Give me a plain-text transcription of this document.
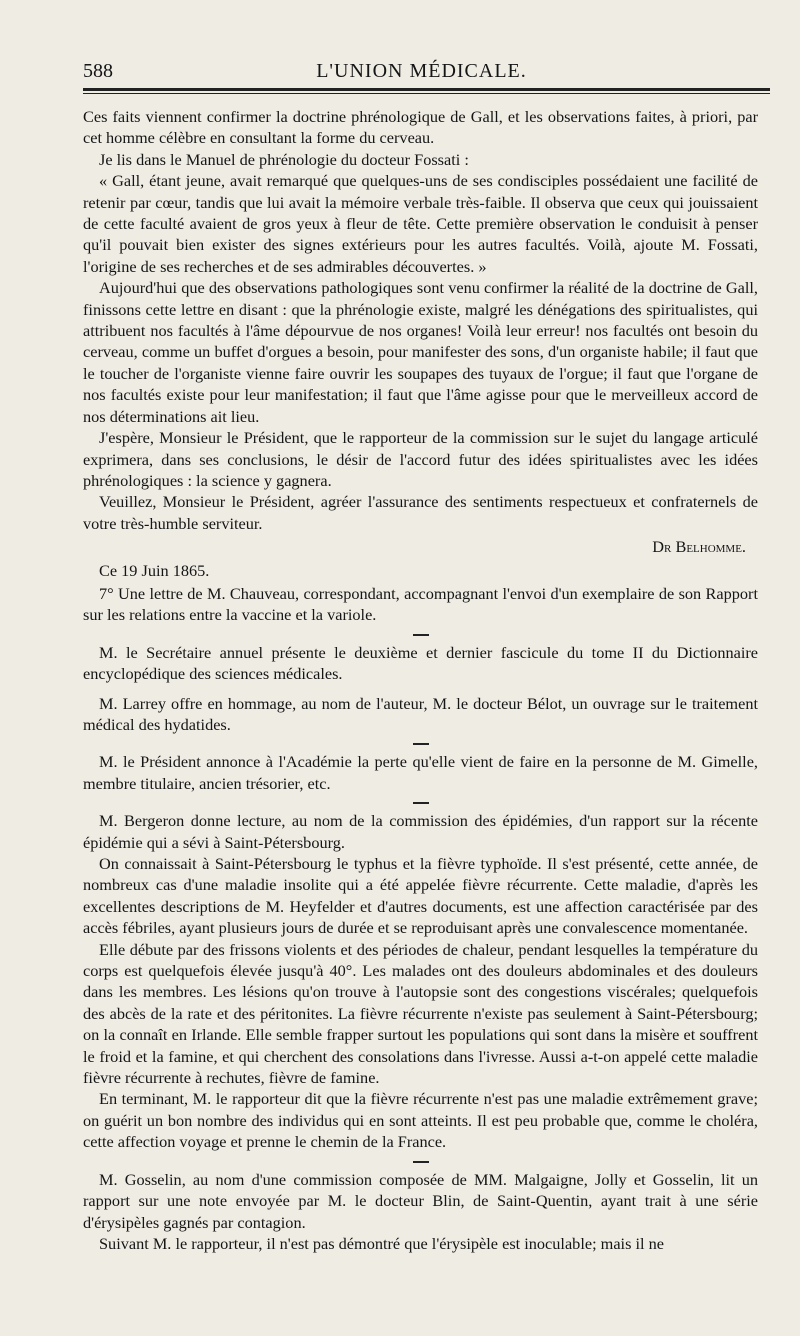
588	L'UNION MÉDICALE.

Ces faits viennent confirmer la doctrine phrénologique de Gall, et les observations faites, à priori, par cet homme célèbre en consultant la forme du cerveau.

Je lis dans le Manuel de phrénologie du docteur Fossati :

« Gall, étant jeune, avait remarqué que quelques-uns de ses condisciples possédaient une facilité de retenir par cœur, tandis que lui avait la mémoire verbale très-faible. Il observa que ceux qui jouissaient de cette faculté avaient de gros yeux à fleur de tête. Cette première observation le conduisit à penser qu'il pouvait bien exister des signes extérieurs pour les autres facultés. Voilà, ajoute M. Fossati, l'origine de ses recherches et de ses admirables découvertes. »

Aujourd'hui que des observations pathologiques sont venu confirmer la réalité de la doctrine de Gall, finissons cette lettre en disant : que la phrénologie existe, malgré les dénégations des spiritualistes, qui attribuent nos facultés à l'âme dépourvue de nos organes! Voilà leur erreur! nos facultés ont besoin du cerveau, comme un buffet d'orgues a besoin, pour manifester des sons, d'un organiste habile; il faut que le toucher de l'organiste vienne faire ouvrir les soupapes des tuyaux de l'orgue; il faut que l'organe de nos facultés existe pour leur manifestation; il faut que l'âme agisse pour que le merveilleux accord de nos déterminations ait lieu.

J'espère, Monsieur le Président, que le rapporteur de la commission sur le sujet du langage articulé exprimera, dans ses conclusions, le désir de l'accord futur des idées spiritualistes avec les idées phrénologiques : la science y gagnera.

Veuillez, Monsieur le Président, agréer l'assurance des sentiments respectueux et confraternels de votre très-humble serviteur.

Dr Belhomme.
Ce 19 Juin 1865.

7° Une lettre de M. Chauveau, correspondant, accompagnant l'envoi d'un exemplaire de son Rapport sur les relations entre la vaccine et la variole.

M. le Secrétaire annuel présente le deuxième et dernier fascicule du tome II du Dictionnaire encyclopédique des sciences médicales.

M. Larrey offre en hommage, au nom de l'auteur, M. le docteur Bélot, un ouvrage sur le traitement médical des hydatides.

M. le Président annonce à l'Académie la perte qu'elle vient de faire en la personne de M. Gimelle, membre titulaire, ancien trésorier, etc.

M. Bergeron donne lecture, au nom de la commission des épidémies, d'un rapport sur la récente épidémie qui a sévi à Saint-Pétersbourg.

On connaissait à Saint-Pétersbourg le typhus et la fièvre typhoïde. Il s'est présenté, cette année, de nombreux cas d'une maladie insolite qui a été appelée fièvre récurrente. Cette maladie, d'après les excellentes descriptions de M. Heyfelder et d'autres documents, est une affection caractérisée par des accès fébriles, ayant plusieurs jours de durée et se reproduisant après une convalescence momentanée.

Elle débute par des frissons violents et des périodes de chaleur, pendant lesquelles la température du corps est quelquefois élevée jusqu'à 40°. Les malades ont des douleurs abdominales et des douleurs dans les membres. Les lésions qu'on trouve à l'autopsie sont des congestions viscérales; quelquefois des abcès de la rate et des péritonites. La fièvre récurrente n'existe pas seulement à Saint-Pétersbourg; on la connaît en Irlande. Elle semble frapper surtout les populations qui sont dans la misère et souffrent le froid et la famine, et qui cherchent des consolations dans l'ivresse. Aussi a-t-on appelé cette maladie fièvre récurrente à rechutes, fièvre de famine.

En terminant, M. le rapporteur dit que la fièvre récurrente n'est pas une maladie extrêmement grave; on guérit un bon nombre des individus qui en sont atteints. Il est peu probable que, comme le choléra, cette affection voyage et prenne le chemin de la France.

M. Gosselin, au nom d'une commission composée de MM. Malgaigne, Jolly et Gosselin, lit un rapport sur une note envoyée par M. le docteur Blin, de Saint-Quentin, ayant trait à une série d'érysipèles gagnés par contagion.

Suivant M. le rapporteur, il n'est pas démontré que l'érysipèle est inoculable; mais il ne
